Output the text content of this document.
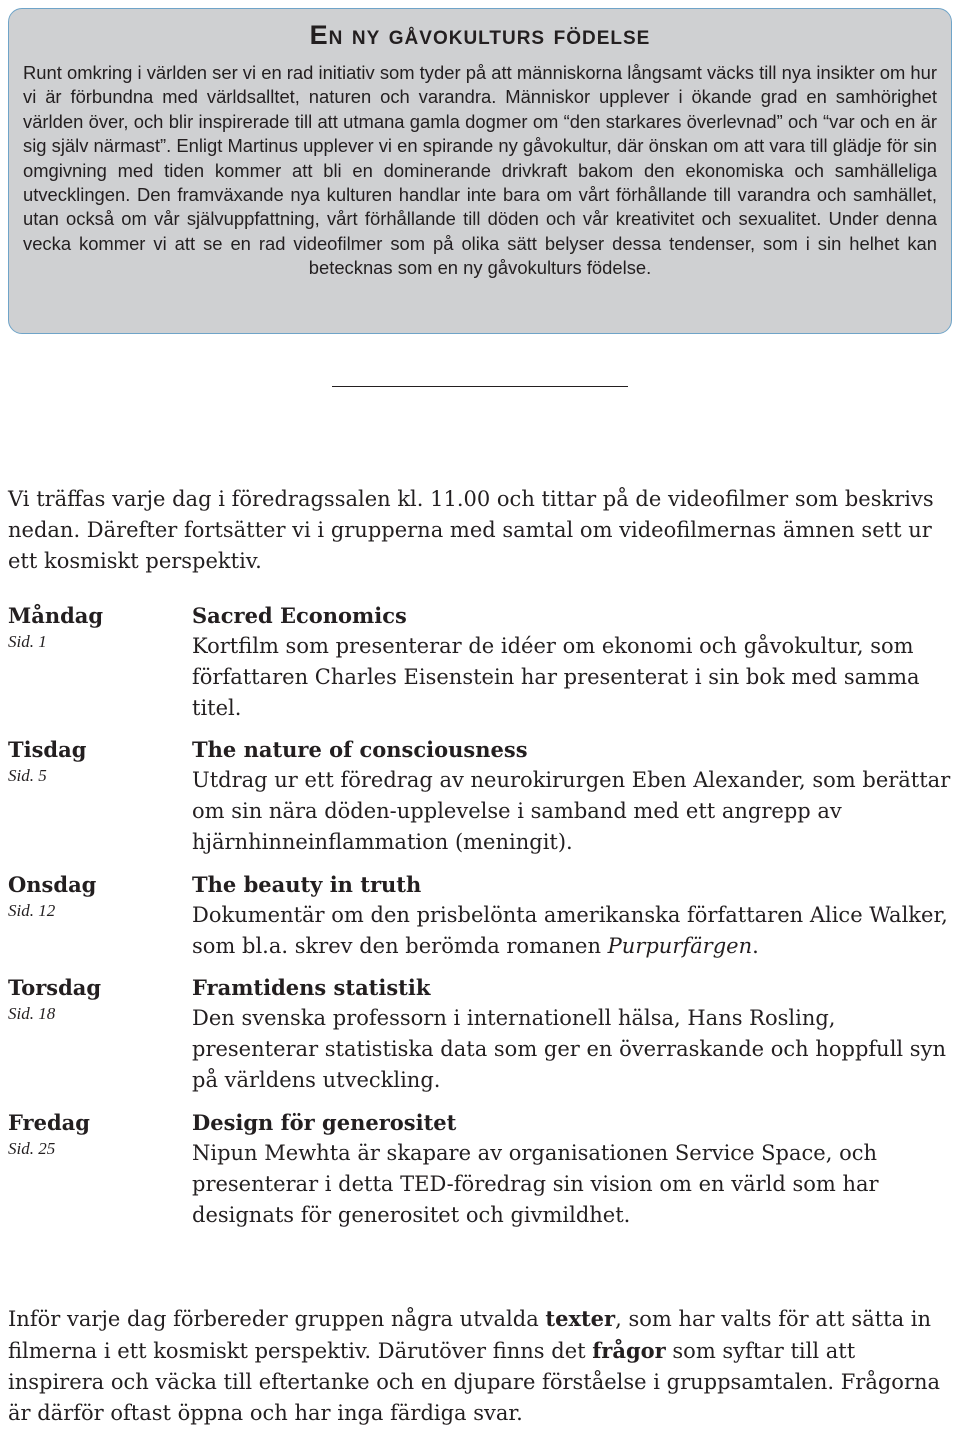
En ny gåvokulturs födelse

Runt omkring i världen ser vi en rad initiativ som tyder på att människorna långsamt väcks till nya insikter om hur vi är förbundna med världsalltet, naturen och varandra. Människor upplever i ökande grad en samhörighet världen över, och blir inspirerade till att utmana gamla dogmer om “den starkares överlevnad” och “var och en är sig själv närmast”. Enligt Martinus upplever vi en spirande ny gåvokultur, där önskan om att vara till glädje för sin omgivning med tiden kommer att bli en dominerande drivkraft bakom den ekonomiska och samhälleliga utvecklingen. Den framväxande nya kulturen handlar inte bara om vårt förhållande till varandra och samhället, utan också om vår självuppfattning, vårt förhållande till döden och vår kreativitet och sexualitet. Under denna vecka kommer vi att se en rad videofilmer som på olika sätt belyser dessa tendenser, som i sin helhet kan betecknas som en ny gåvokulturs födelse.

Vi träffas varje dag i föredragssalen kl. 11.00 och tittar på de videofilmer som beskrivs nedan. Därefter fortsätter vi i grupperna med samtal om videofilmernas ämnen sett ur ett kosmiskt perspektiv.

Måndag
Sid. 1

Sacred Economics

Kortfilm som presenterar de idéer om ekonomi och gåvokultur, som författaren Charles Eisenstein har presenterat i sin bok med samma titel.

Tisdag
Sid. 5

The nature of consciousness

Utdrag ur ett föredrag av neurokirurgen Eben Alexander, som berättar om sin nära döden-upplevelse i samband med ett angrepp av hjärnhinneinflammation (meningit).

Onsdag
Sid. 12

The beauty in truth

Dokumentär om den prisbelönta amerikanska författaren Alice Walker, som bl.a. skrev den berömda romanen Purpurfärgen.

Torsdag
Sid. 18

Framtidens statistik

Den svenska professorn i internationell hälsa, Hans Rosling, presenterar statistiska data som ger en överraskande och hoppfull syn på världens utveckling.

Fredag
Sid. 25

Design för generositet

Nipun Mewhta är skapare av organisationen Service Space, och presenterar i detta TED-föredrag sin vision om en värld som har designats för generositet och givmildhet.

Inför varje dag förbereder gruppen några utvalda texter, som har valts för att sätta in filmerna i ett kosmiskt perspektiv. Därutöver finns det frågor som syftar till att inspirera och väcka till eftertanke och en djupare förståelse i gruppsamtalen. Frågorna är därför oftast öppna och har inga färdiga svar.
